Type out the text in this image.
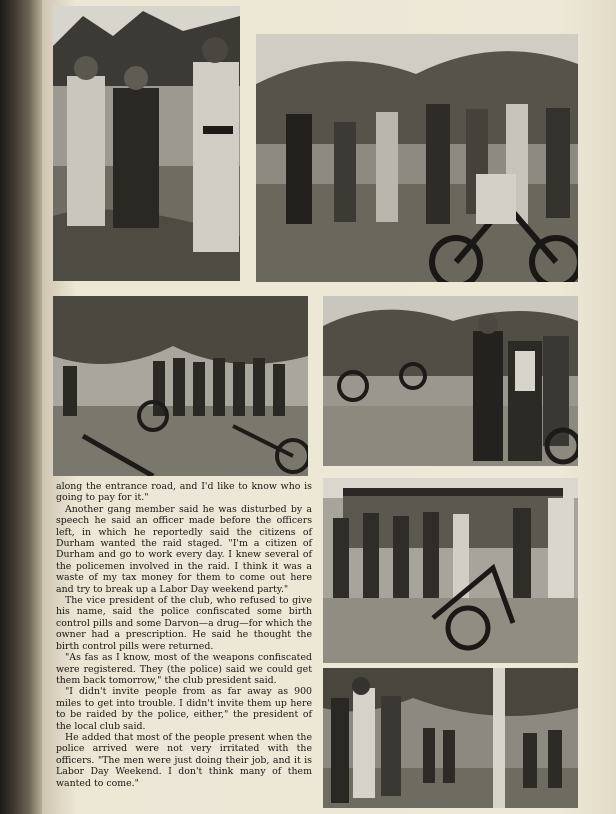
along the entrance road, and I'd like to know who is going to pay for it."

Another gang member said he was disturbed by a speech he said an officer made before the officers left, in which he reportedly said the citizens of Durham wanted the raid staged. "I'm a citizen of Durham and go to work every day. I knew several of the policemen involved in the raid. I think it was a waste of my tax money for them to come out here and try to break up a Labor Day weekend party."

The vice president of the club, who refused to give his name, said the police confiscated some birth control pills and some Darvon—a drug—for which the owner had a prescription. He said he thought the birth control pills were returned.

"As fas as I know, most of the weapons confiscated were registered. They (the police) said we could get them back tomorrow," the club president said.

"I didn't invite people from as far away as 900 miles to get into trouble. I didn't invite them up here to be raided by the police, either," the president of the local club said.

He added that most of the people present when the police arrived were not very irritated with the officers. "The men were just doing their job, and it is Labor Day Weekend. I don't think many of them wanted to come."
